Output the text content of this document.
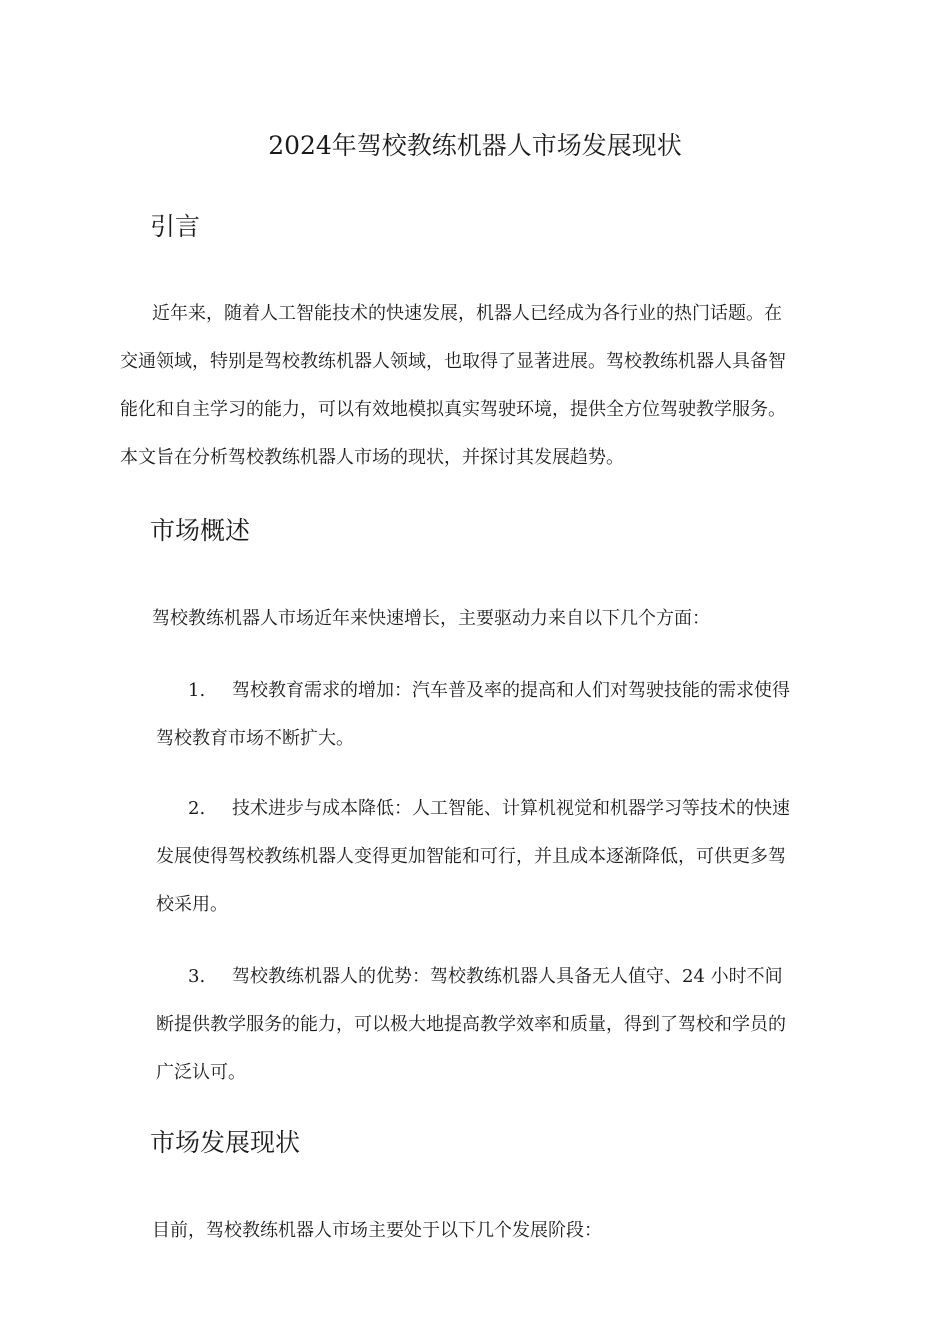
2024年驾校教练机器人市场发展现状
引言
近年来，随着人工智能技术的快速发展，机器人已经成为各行业的热门话题。在
交通领域，特别是驾校教练机器人领域，也取得了显著进展。驾校教练机器人具备智
能化和自主学习的能力，可以有效地模拟真实驾驶环境，提供全方位驾驶教学服务。
本文旨在分析驾校教练机器人市场的现状，并探讨其发展趋势。
市场概述
驾校教练机器人市场近年来快速增长，主要驱动力来自以下几个方面：
1. 驾校教育需求的增加：汽车普及率的提高和人们对驾驶技能的需求使得
驾校教育市场不断扩大。
2. 技术进步与成本降低：人工智能、计算机视觉和机器学习等技术的快速
发展使得驾校教练机器人变得更加智能和可行，并且成本逐渐降低，可供更多驾
校采用。
3. 驾校教练机器人的优势：驾校教练机器人具备无人值守、24 小时不间
断提供教学服务的能力，可以极大地提高教学效率和质量，得到了驾校和学员的
广泛认可。
市场发展现状
目前，驾校教练机器人市场主要处于以下几个发展阶段：
